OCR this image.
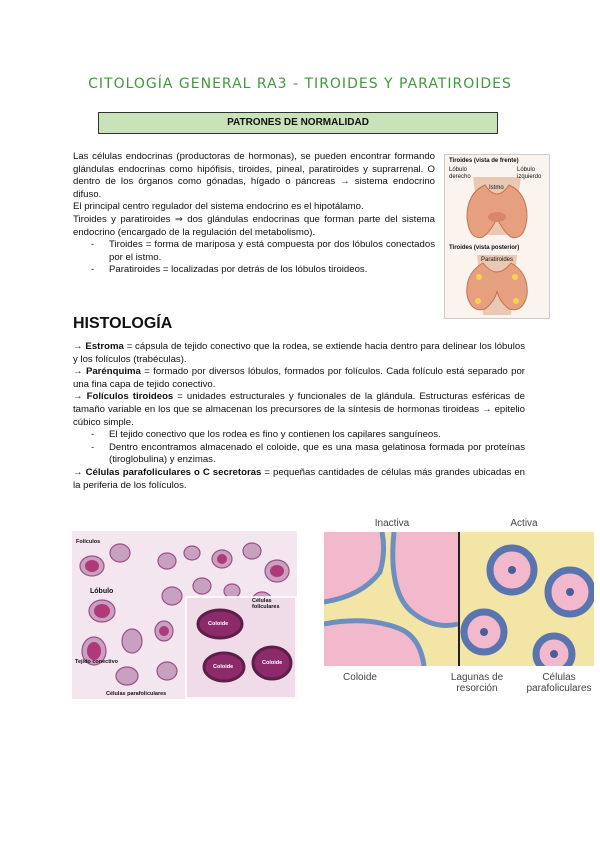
CITOLOGÍA GENERAL RA3 - TIROIDES Y PARATIROIDES
PATRONES DE NORMALIDAD

Las células endocrinas (productoras de hormonas), se pueden encontrar formando glándulas endocrinas como hipófisis, tiroides, pineal, paratiroides y suprarrenal. O dentro de los órganos como gónadas, hígado o páncreas → sistema endocrino difuso.

El principal centro regulador del sistema endocrino es el hipotálamo.

Tiroides y paratiroides ⇒ dos glándulas endocrinas que forman parte del sistema endocrino (encargado de la regulación del metabolismo).

- Tiroides = forma de mariposa y está compuesta por dos lóbulos conectados por el istmo.
- Paratiroides = localizadas por detrás de los lóbulos tiroideos.
Tiroides (vista de frente)
Lóbulo derecho
Lóbulo izquierdo
Istmo
Tiroides (vista posterior)
Paratiroides
HISTOLOGÍA

→ Estroma = cápsula de tejido conectivo que la rodea, se extiende hacia dentro para delinear los lóbulos y los folículos (trabéculas).

→ Parénquima = formado por diversos lóbulos, formados por folículos. Cada folículo está separado por una fina capa de tejido conectivo.

→ Folículos tiroideos = unidades estructurales y funcionales de la glándula. Estructuras esféricas de tamaño variable en los que se almacenan los precursores de la síntesis de hormonas tiroideas → epitelio cúbico simple.

- El tejido conectivo que los rodea es fino y contienen los capilares sanguíneos.
- Dentro encontramos almacenado el coloide, que es una masa gelatinosa formada por proteínas (tiroglobulina) y enzimas.

→ Células parafoliculares o C secretoras = pequeñas cantidades de células más grandes ubicadas en la periferia de los folículos.

Folículos
Lóbulo
Células foliculares
Coloide
Coloide
Coloide
Tejido conectivo
Células parafoliculares
Inactiva	Activa
Coloide	Lagunas de resorción
Células parafoliculares
